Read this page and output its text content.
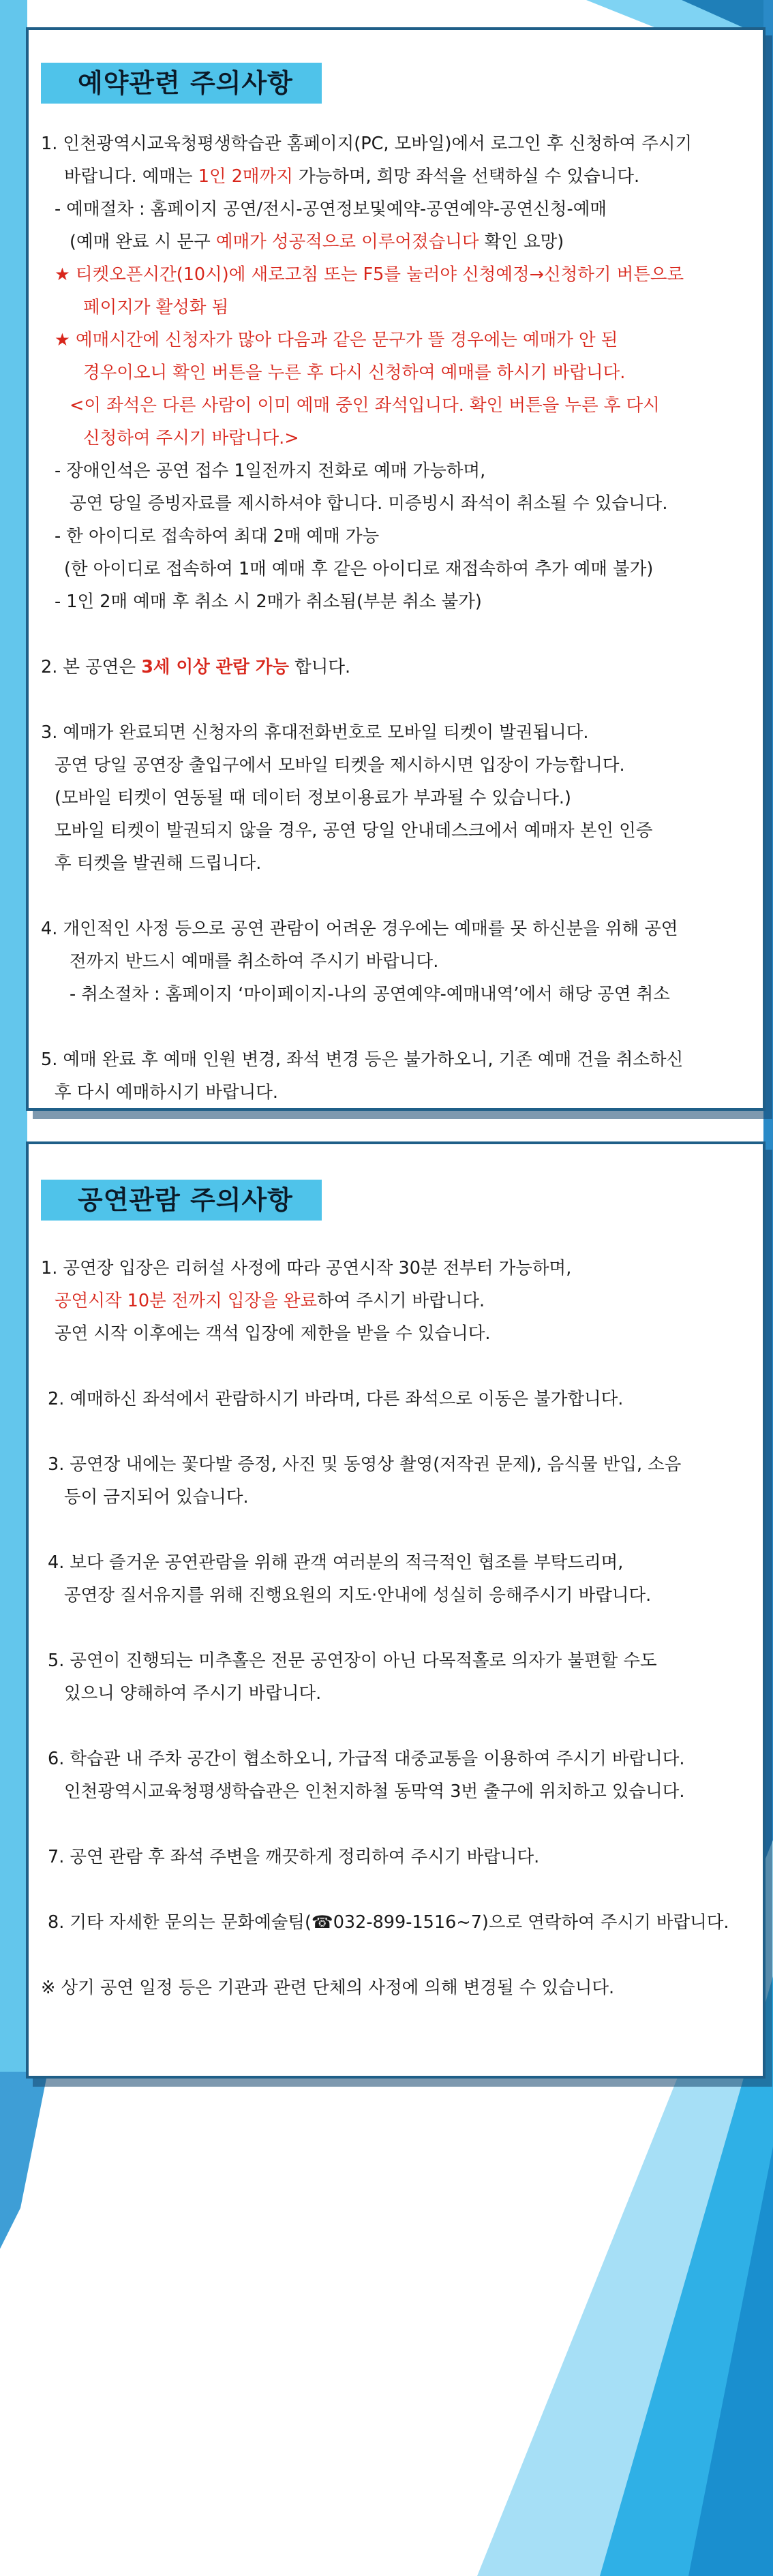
예약관련 주의사항
1. 인천광역시교육청평생학습관 홈페이지(PC, 모바일)에서 로그인 후 신청하여 주시기
바랍니다. 예매는 1인 2매까지 가능하며, 희망 좌석을 선택하실 수 있습니다.
- 예매절차 : 홈페이지 공연/전시-공연정보및예약-공연예약-공연신청-예매
(예매 완료 시 문구 예매가 성공적으로 이루어졌습니다 확인 요망)
★ 티켓오픈시간(10시)에 새로고침 또는 F5를 눌러야 신청예정→신청하기 버튼으로
페이지가 활성화 됨
★ 예매시간에 신청자가 많아 다음과 같은 문구가 뜰 경우에는 예매가 안 된
경우이오니 확인 버튼을 누른 후 다시 신청하여 예매를 하시기 바랍니다.
<이 좌석은 다른 사람이 이미 예매 중인 좌석입니다. 확인 버튼을 누른 후 다시
신청하여 주시기 바랍니다.>
- 장애인석은 공연 접수 1일전까지 전화로 예매 가능하며,
공연 당일 증빙자료를 제시하셔야 합니다. 미증빙시 좌석이 취소될 수 있습니다.
- 한 아이디로 접속하여 최대 2매 예매 가능
(한 아이디로 접속하여 1매 예매 후 같은 아이디로 재접속하여 추가 예매 불가)
- 1인 2매 예매 후 취소 시 2매가 취소됨(부분 취소 불가)
2. 본 공연은 3세 이상 관람 가능 합니다.
3. 예매가 완료되면 신청자의 휴대전화번호로 모바일 티켓이 발권됩니다.
공연 당일 공연장 출입구에서 모바일 티켓을 제시하시면 입장이 가능합니다.
(모바일 티켓이 연동될 때 데이터 정보이용료가 부과될 수 있습니다.)
모바일 티켓이 발권되지 않을 경우, 공연 당일 안내데스크에서 예매자 본인 인증
후 티켓을 발권해 드립니다.
4. 개인적인 사정 등으로 공연 관람이 어려운 경우에는 예매를 못 하신분을 위해 공연
전까지 반드시 예매를 취소하여 주시기 바랍니다.
- 취소절차 : 홈페이지 ‘마이페이지-나의 공연예약-예매내역’에서 해당 공연 취소
5. 예매 완료 후 예매 인원 변경, 좌석 변경 등은 불가하오니, 기존 예매 건을 취소하신
후 다시 예매하시기 바랍니다.
공연관람 주의사항
1. 공연장 입장은 리허설 사정에 따라 공연시작 30분 전부터 가능하며,
공연시작 10분 전까지 입장을 완료하여 주시기 바랍니다.
공연 시작 이후에는 객석 입장에 제한을 받을 수 있습니다.
2. 예매하신 좌석에서 관람하시기 바라며, 다른 좌석으로 이동은 불가합니다.
3. 공연장 내에는 꽃다발 증정, 사진 및 동영상 촬영(저작권 문제), 음식물 반입, 소음
등이 금지되어 있습니다.
4. 보다 즐거운 공연관람을 위해 관객 여러분의 적극적인 협조를 부탁드리며,
공연장 질서유지를 위해 진행요원의 지도·안내에 성실히 응해주시기 바랍니다.
5. 공연이 진행되는 미추홀은 전문 공연장이 아닌 다목적홀로 의자가 불편할 수도
있으니 양해하여 주시기 바랍니다.
6. 학습관 내 주차 공간이 협소하오니, 가급적 대중교통을 이용하여 주시기 바랍니다.
인천광역시교육청평생학습관은 인천지하철 동막역 3번 출구에 위치하고 있습니다.
7. 공연 관람 후 좌석 주변을 깨끗하게 정리하여 주시기 바랍니다.
8. 기타 자세한 문의는 문화예술팀(☎032-899-1516~7)으로 연락하여 주시기 바랍니다.
※ 상기 공연 일정 등은 기관과 관련 단체의 사정에 의해 변경될 수 있습니다.
